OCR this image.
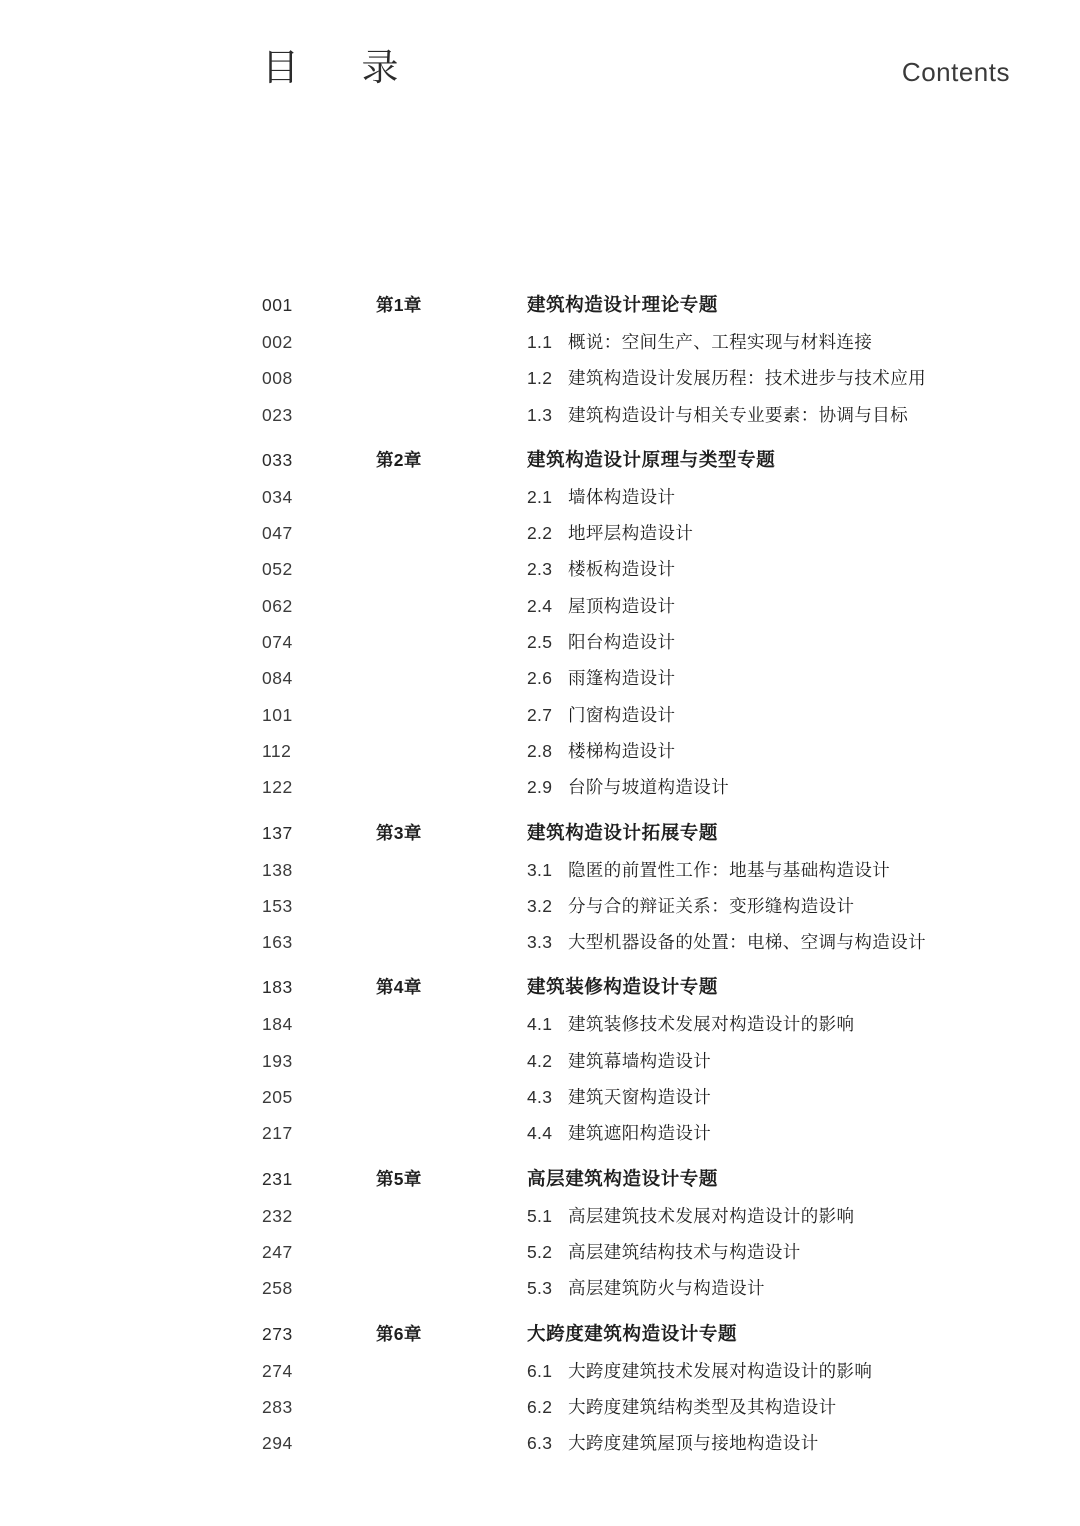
目  录	Contents
001	第1章	建筑构造设计理论专题
002	1.1 概说：空间生产、工程实现与材料连接
008	1.2 建筑构造设计发展历程：技术进步与技术应用
023	1.3 建筑构造设计与相关专业要素：协调与目标
033	第2章	建筑构造设计原理与类型专题
034	2.1 墙体构造设计
047	2.2 地坪层构造设计
052	2.3 楼板构造设计
062	2.4 屋顶构造设计
074	2.5 阳台构造设计
084	2.6 雨篷构造设计
101	2.7 门窗构造设计
112	2.8 楼梯构造设计
122	2.9 台阶与坡道构造设计
137	第3章	建筑构造设计拓展专题
138	3.1 隐匿的前置性工作：地基与基础构造设计
153	3.2 分与合的辩证关系：变形缝构造设计
163	3.3 大型机器设备的处置：电梯、空调与构造设计
183	第4章	建筑装修构造设计专题
184	4.1 建筑装修技术发展对构造设计的影响
193	4.2 建筑幕墙构造设计
205	4.3 建筑天窗构造设计
217	4.4 建筑遮阳构造设计
231	第5章	高层建筑构造设计专题
232	5.1 高层建筑技术发展对构造设计的影响
247	5.2 高层建筑结构技术与构造设计
258	5.3 高层建筑防火与构造设计
273	第6章	大跨度建筑构造设计专题
274	6.1 大跨度建筑技术发展对构造设计的影响
283	6.2 大跨度建筑结构类型及其构造设计
294	6.3 大跨度建筑屋顶与接地构造设计
